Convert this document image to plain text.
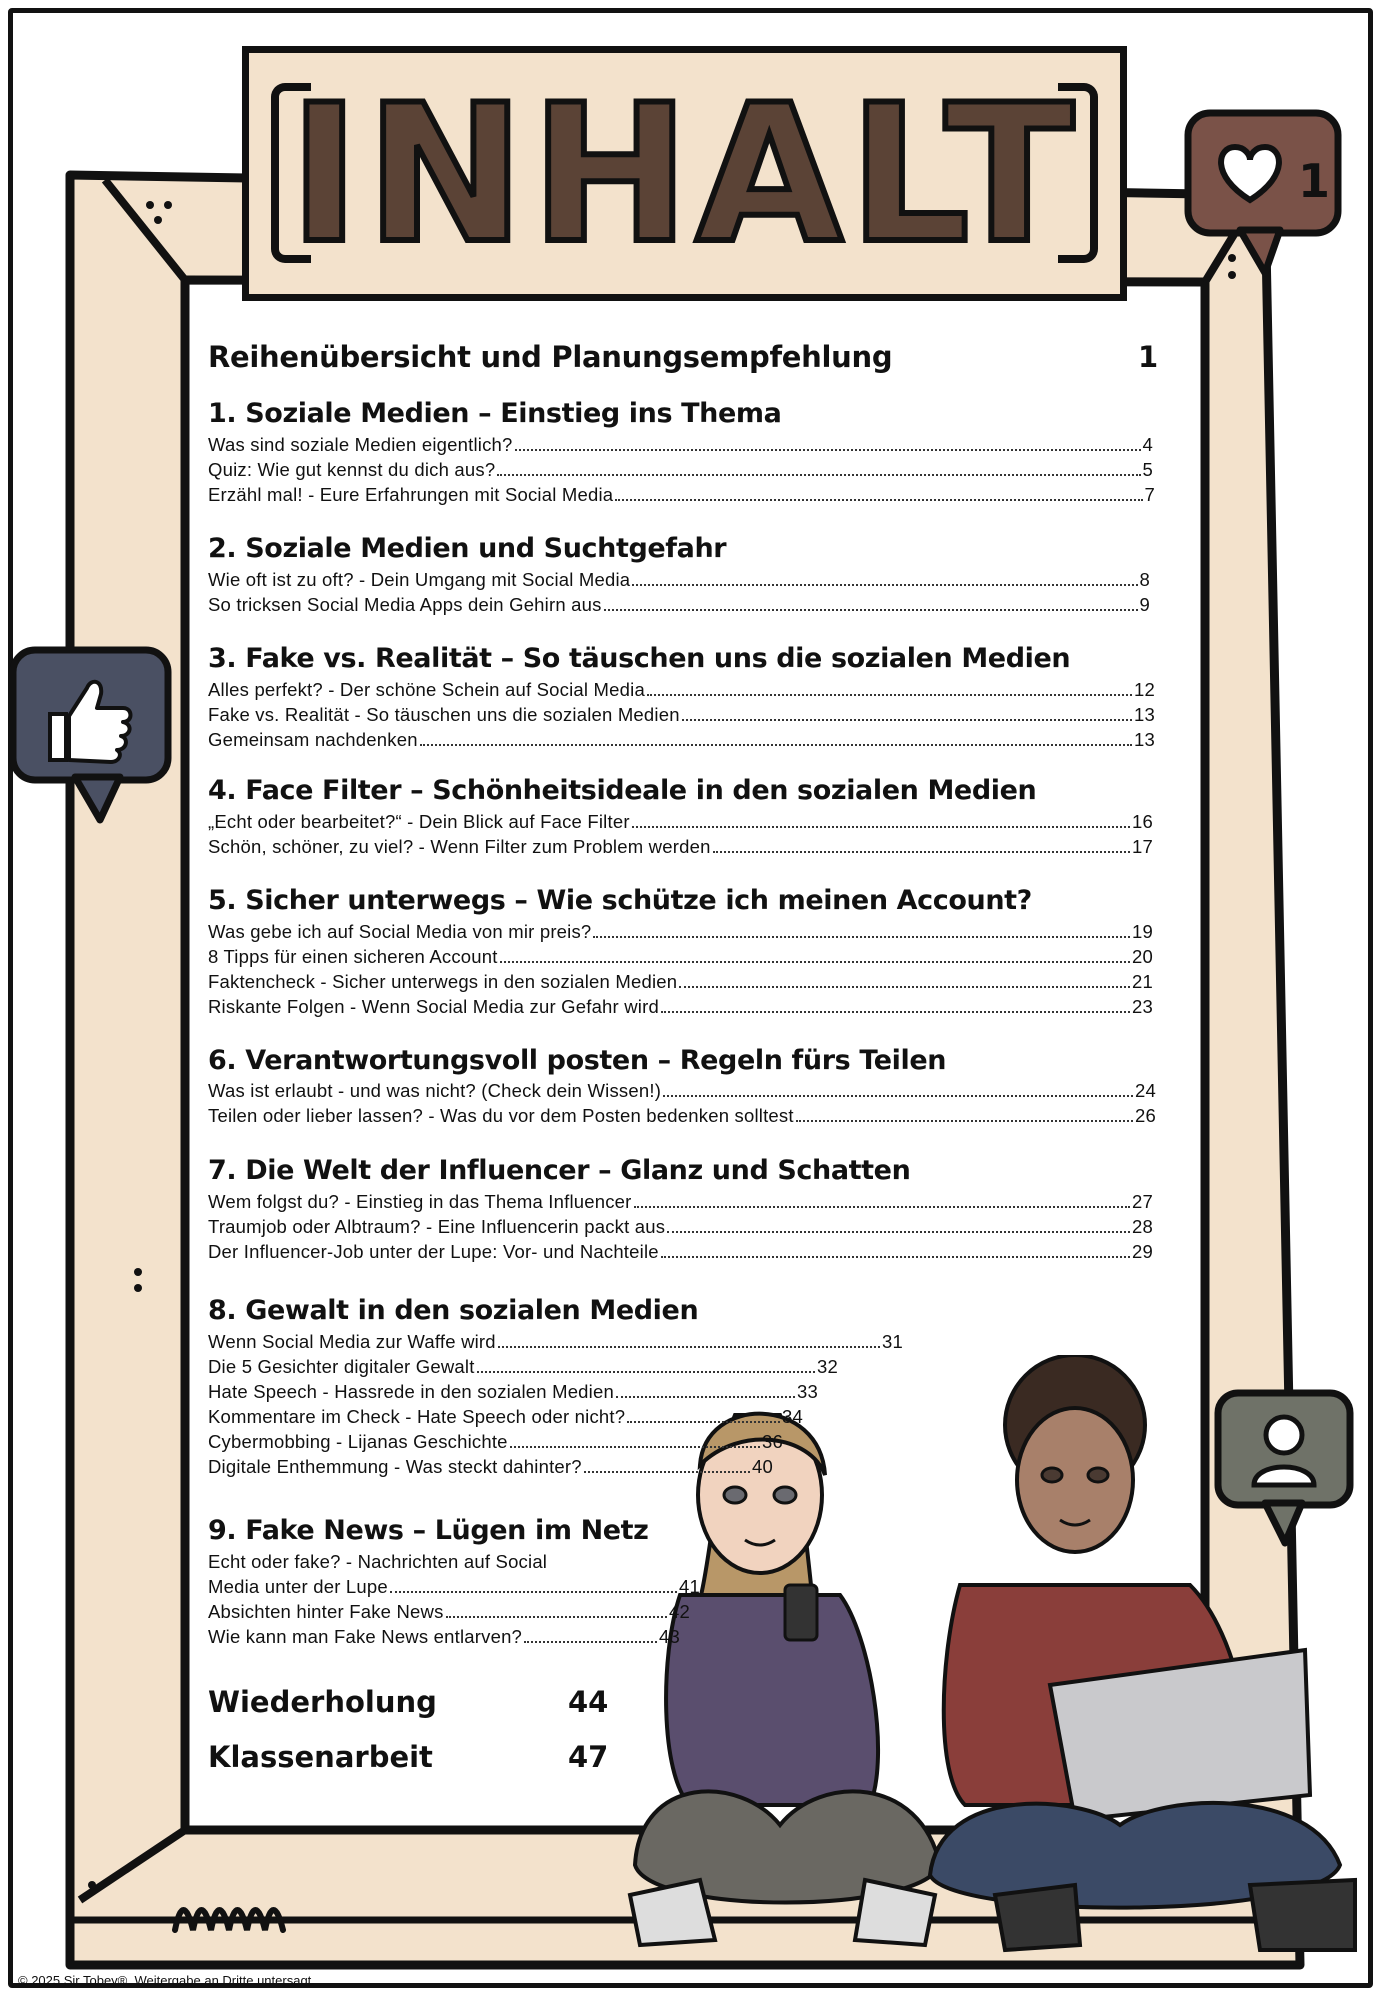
INHALT	1
Reihenübersicht und Planungsempfehlung	1
1. Soziale Medien – Einstieg ins Thema
Was sind soziale Medien eigentlich?	4
Quiz: Wie gut kennst du dich aus?	5
Erzähl mal! - Eure Erfahrungen mit Social Media	7
2. Soziale Medien und Suchtgefahr
Wie oft ist zu oft? - Dein Umgang mit Social Media	8
So tricksen Social Media Apps dein Gehirn aus	9
3. Fake vs. Realität – So täuschen uns die sozialen Medien
Alles perfekt? - Der schöne Schein auf Social Media	12
Fake vs. Realität - So täuschen uns die sozialen Medien	13
Gemeinsam nachdenken	13
4. Face Filter – Schönheitsideale in den sozialen Medien
„Echt oder bearbeitet?“ - Dein Blick auf Face Filter	16
Schön, schöner, zu viel? - Wenn Filter zum Problem werden	17
5. Sicher unterwegs – Wie schütze ich meinen Account?
Was gebe ich auf Social Media von mir preis?	19
8 Tipps für einen sicheren Account	20
Faktencheck - Sicher unterwegs in den sozialen Medien	21
Riskante Folgen - Wenn Social Media zur Gefahr wird	23
6. Verantwortungsvoll posten – Regeln fürs Teilen
Was ist erlaubt - und was nicht? (Check dein Wissen!)	24
Teilen oder lieber lassen? - Was du vor dem Posten bedenken solltest	26
7. Die Welt der Influencer – Glanz und Schatten
Wem folgst du? - Einstieg in das Thema Influencer	27
Traumjob oder Albtraum? - Eine Influencerin packt aus	28
Der Influencer-Job unter der Lupe: Vor- und Nachteile	29
8. Gewalt in den sozialen Medien
Wenn Social Media zur Waffe wird	31
Die 5 Gesichter digitaler Gewalt	32
Hate Speech - Hassrede in den sozialen Medien	33
Kommentare im Check - Hate Speech oder nicht?	34
Cybermobbing - Lijanas Geschichte	36
Digitale Enthemmung - Was steckt dahinter?	40
9. Fake News – Lügen im Netz
Echt oder fake? - Nachrichten auf Social
Media unter der Lupe	41
Absichten hinter Fake News	42
Wie kann man Fake News entlarven?	43
Wiederholung	44
Klassenarbeit	47
© 2025 Sir Tobey®. Weitergabe an Dritte untersagt.
